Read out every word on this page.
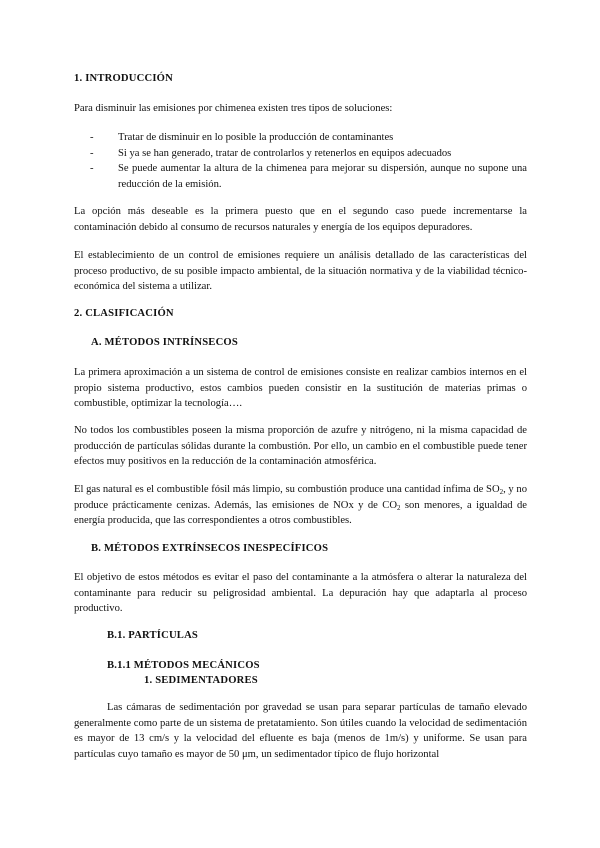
1. INTRODUCCIÓN
Para disminuir las emisiones por chimenea existen tres tipos de soluciones:
- Tratar de disminuir en lo posible la producción de contaminantes
- Si ya se han generado, tratar de controlarlos y retenerlos en equipos adecuados
- Se puede aumentar la altura de la chimenea para mejorar su dispersión, aunque no supone una reducción de la emisión.
La opción más deseable es la primera puesto que en el segundo caso puede incrementarse la contaminación debido al consumo de recursos naturales y energía de los equipos depuradores.
El establecimiento de un control de emisiones requiere un análisis detallado de las características del proceso productivo, de su posible impacto ambiental, de la situación normativa y de la viabilidad técnico-económica del sistema a utilizar.
2. CLASIFICACIÓN
A. MÉTODOS INTRÍNSECOS
La primera aproximación a un sistema de control de emisiones consiste en realizar cambios internos en el propio sistema productivo, estos cambios pueden consistir en la sustitución de materias primas o combustible, optimizar la tecnología….
No todos los combustibles poseen la misma proporción de azufre y nitrógeno, ni la misma capacidad de producción de partículas sólidas durante la combustión. Por ello, un cambio en el combustible puede tener efectos muy positivos en la reducción de la contaminación atmosférica.
El gas natural es el combustible fósil más limpio, su combustión produce una cantidad ínfima de $SO_2$, y no produce prácticamente cenizas. Además, las emisiones de NOx y de $CO_2$ son menores, a igualdad de energía producida, que las correspondientes a otros combustibles.
B. MÉTODOS EXTRÍNSECOS INESPECÍFICOS
El objetivo de estos métodos es evitar el paso del contaminante a la atmósfera o alterar la naturaleza del contaminante para reducir su peligrosidad ambiental. La depuración hay que adaptarla al proceso productivo.
B.1. PARTÍCULAS
B.1.1 MÉTODOS MECÁNICOS
1. SEDIMENTADORES
Las cámaras de sedimentación por gravedad se usan para separar partículas de tamaño elevado generalmente como parte de un sistema de pretatamiento. Son útiles cuando la velocidad de sedimentación es mayor de 13 cm/s y la velocidad del efluente es baja (menos de 1m/s) y uniforme. Se usan para partículas cuyo tamaño es mayor de 50 μm, un sedimentador típico de flujo horizontal
